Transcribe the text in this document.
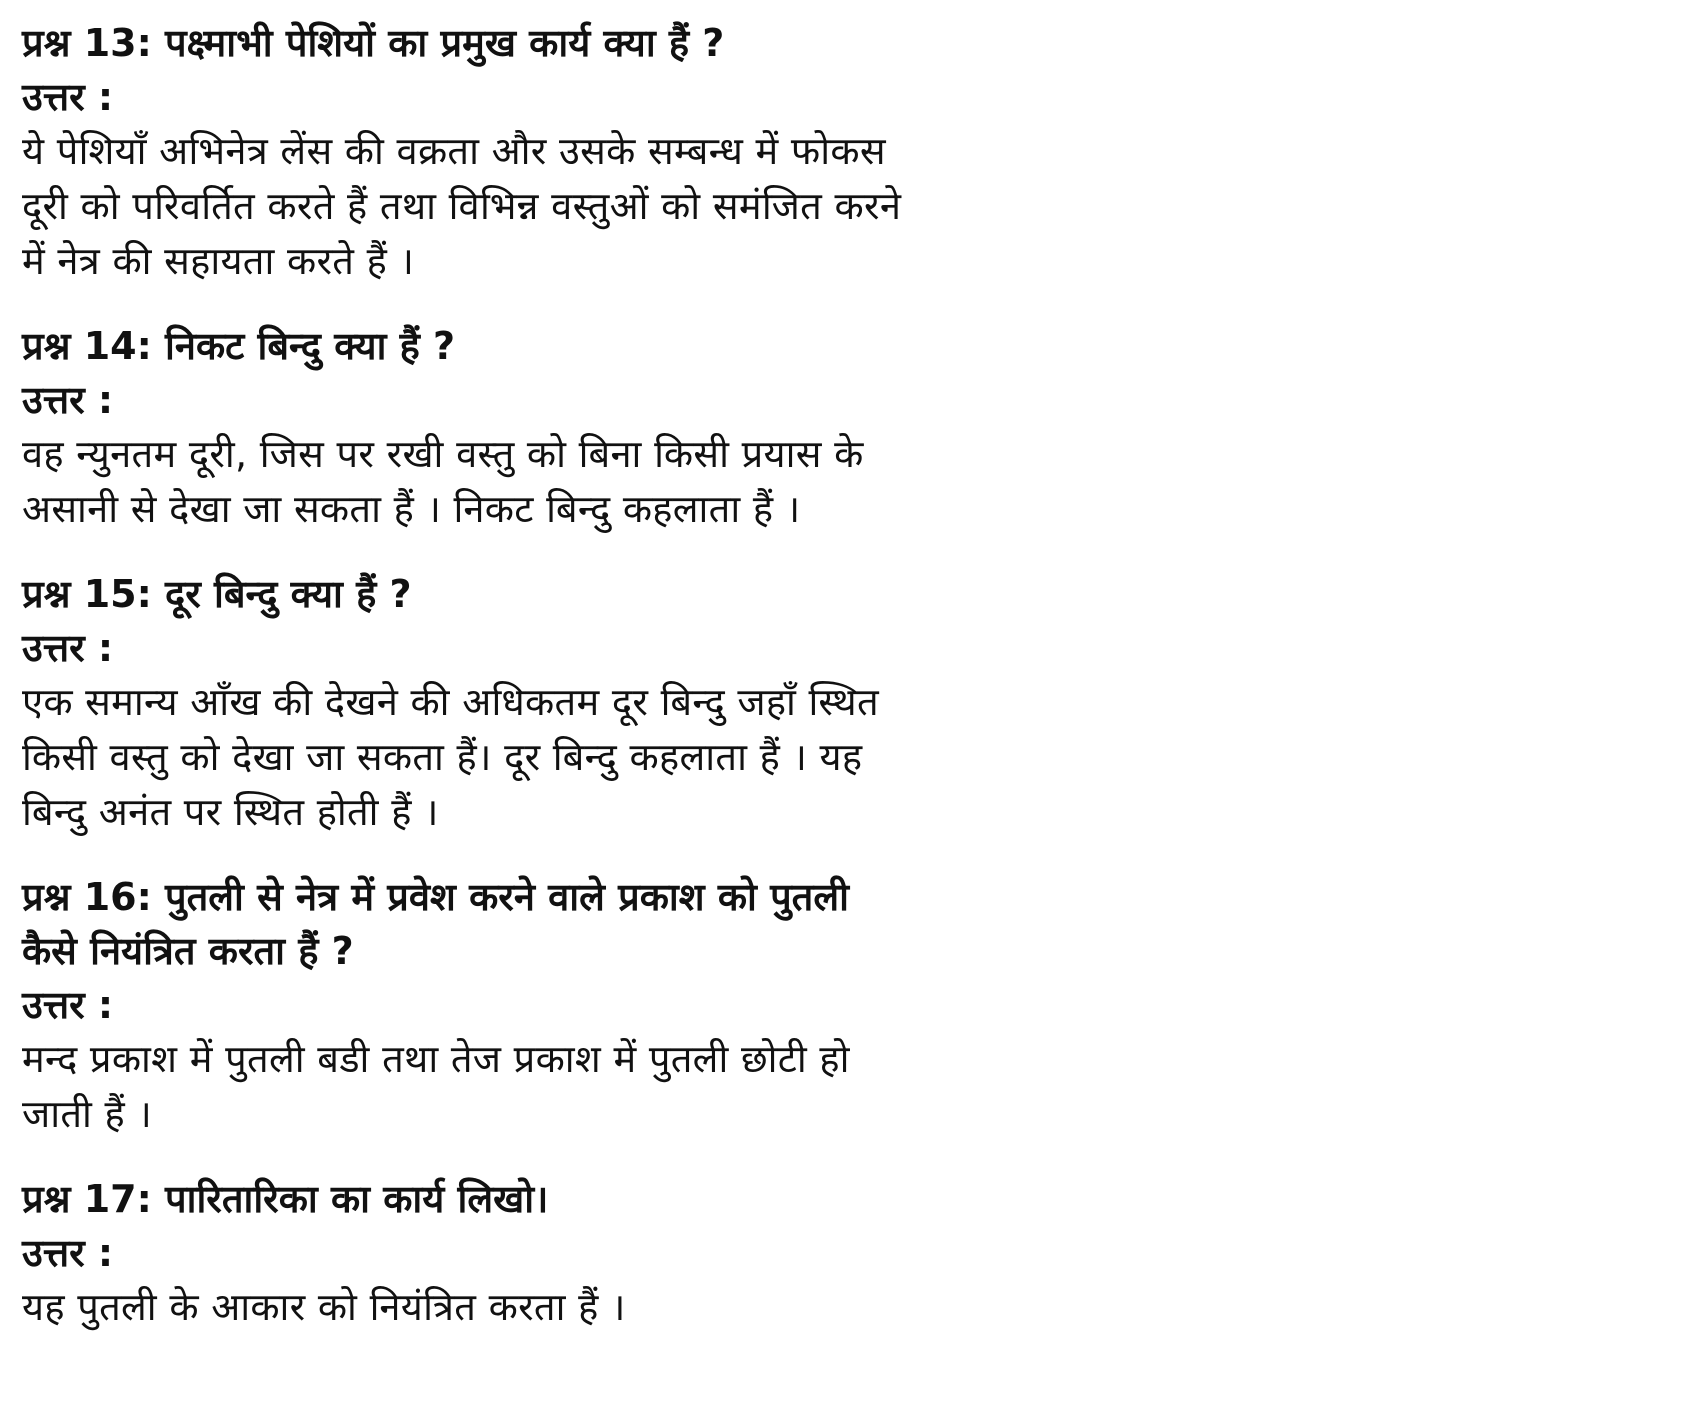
प्रश्न 13: पक्ष्माभी पेशियों का प्रमुख कार्य क्या हैं ?

उत्तर :

ये पेशियाँ अभिनेत्र लेंस की वक्रता और उसके सम्बन्ध में फोकस

दूरी को परिवर्तित करते हैं तथा विभिन्न वस्तुओं को समंजित करने

में नेत्र की सहायता करते हैं ।

प्रश्न 14: निकट बिन्दु क्या हैं ?

उत्तर :

वह न्युनतम दूरी, जिस पर रखी वस्तु को बिना किसी प्रयास के

असानी से देखा जा सकता हैं । निकट बिन्दु कहलाता हैं ।

प्रश्न 15: दूर बिन्दु क्या हैं ?

उत्तर :

एक समान्य आँख की देखने की अधिकतम दूर बिन्दु जहाँ स्थित

किसी वस्तु को देखा जा सकता हैं। दूर बिन्दु कहलाता हैं । यह

बिन्दु अनंत पर स्थित होती हैं ।

प्रश्न 16: पुतली से नेत्र में प्रवेश करने वाले प्रकाश को पुतली

कैसे नियंत्रित करता हैं ?

उत्तर :

मन्द प्रकाश में पुतली बडी तथा तेज प्रकाश में पुतली छोटी हो

जाती हैं ।

प्रश्न 17: पारितारिका का कार्य लिखो।

उत्तर :

यह पुतली के आकार को नियंत्रित करता हैं ।
